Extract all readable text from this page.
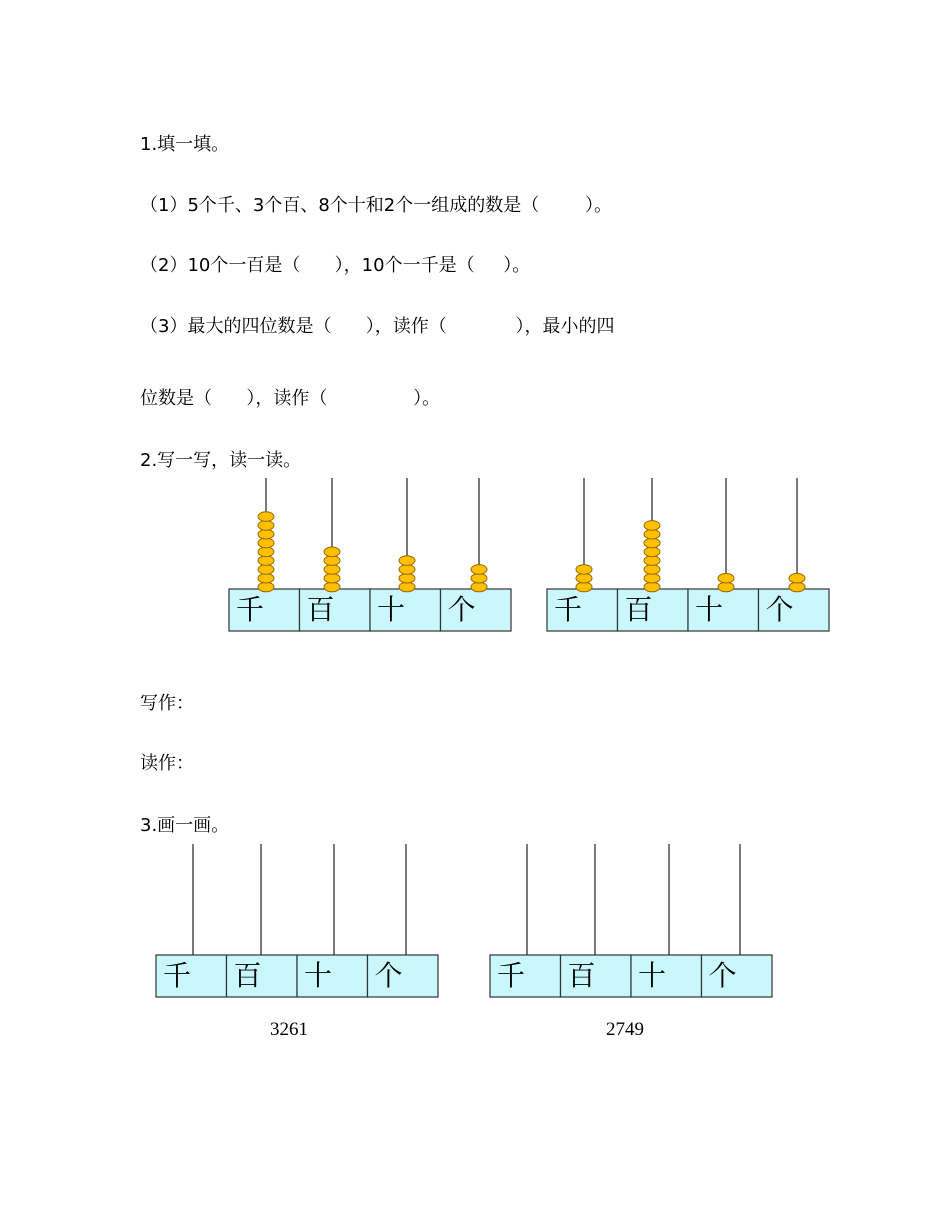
1.填一填。
（1）5个千、3个百、8个十和2个一组成的数是（        ）。
（2）10个一百是（      ），10个一千是（     ）。
（3）最大的四位数是（      ），读作（            ），最小的四
位数是（      ），读作（               ）。
2.写一写，读一读。
千 百 十 个	千 百 十 个
写作：
读作：
3.画一画。
千 百 十 个	千 百 十 个
3261	2749
